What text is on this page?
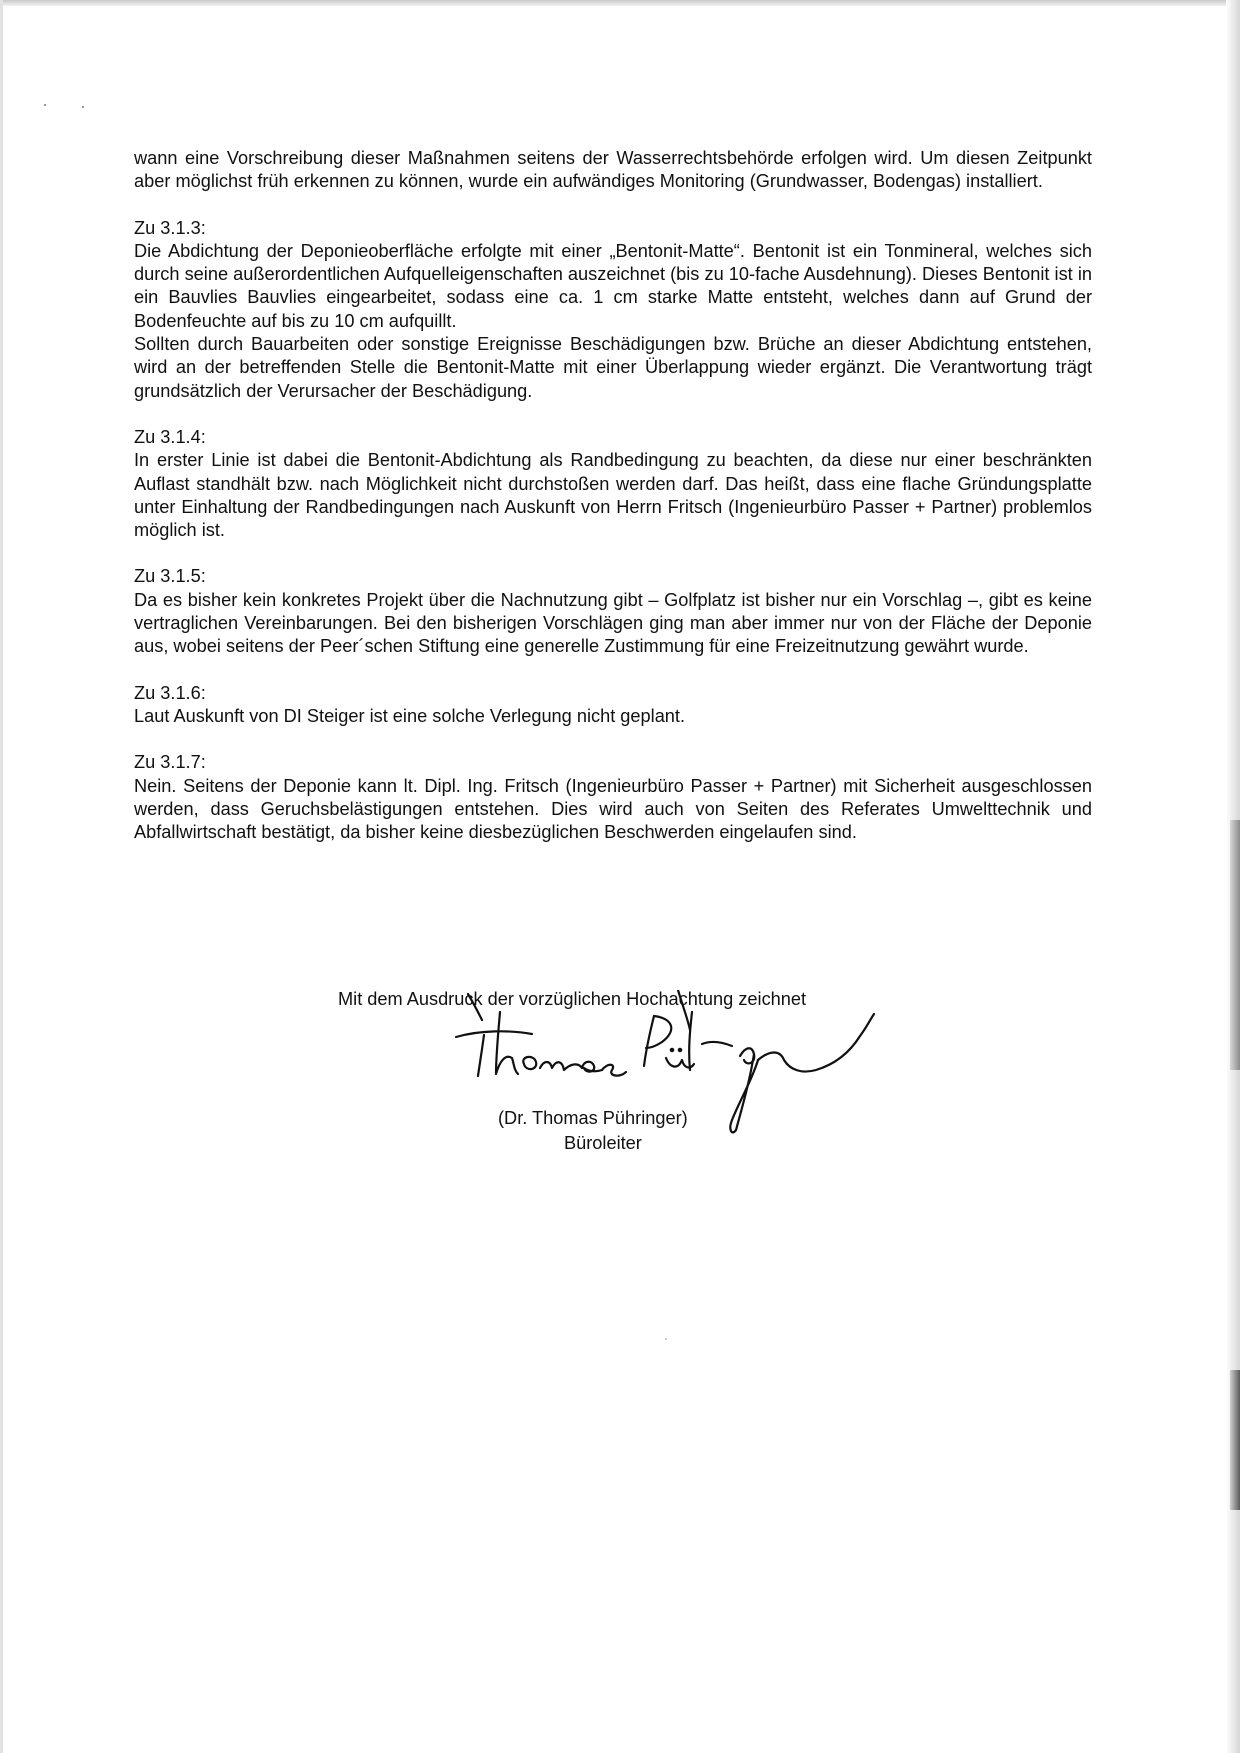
wann eine Vorschreibung dieser Maßnahmen seitens der Wasserrechtsbehörde erfolgen wird. Um diesen Zeitpunkt aber möglichst früh erkennen zu können, wurde ein aufwändiges Monitoring (Grundwasser, Bodengas) installiert.

Zu 3.1.3:

Die Abdichtung der Deponieoberfläche erfolgte mit einer „Bentonit-Matte“. Bentonit ist ein Tonmineral, welches sich durch seine außerordentlichen Aufquelleigenschaften auszeichnet (bis zu 10-fache Ausdehnung). Dieses Bentonit ist in ein Bauvlies Bauvlies eingearbeitet, sodass eine ca. 1 cm starke Matte entsteht, welches dann auf Grund der Bodenfeuchte auf bis zu 10 cm aufquillt.

Sollten durch Bauarbeiten oder sonstige Ereignisse Beschädigungen bzw. Brüche an dieser Abdichtung entstehen, wird an der betreffenden Stelle die Bentonit-Matte mit einer Überlappung wieder ergänzt. Die Verantwortung trägt grundsätzlich der Verursacher der Beschädigung.

Zu 3.1.4:

In erster Linie ist dabei die Bentonit-Abdichtung als Randbedingung zu beachten, da diese nur einer beschränkten Auflast standhält bzw. nach Möglichkeit nicht durchstoßen werden darf. Das heißt, dass eine flache Gründungsplatte unter Einhaltung der Randbedingungen nach Auskunft von Herrn Fritsch (Ingenieurbüro Passer + Partner) problemlos möglich ist.

Zu 3.1.5:

Da es bisher kein konkretes Projekt über die Nachnutzung gibt – Golfplatz ist bisher nur ein Vorschlag –, gibt es keine vertraglichen Vereinbarungen. Bei den bisherigen Vorschlägen ging man aber immer nur von der Fläche der Deponie aus, wobei seitens der Peer´schen Stiftung eine generelle Zustimmung für eine Freizeitnutzung gewährt wurde.

Zu 3.1.6:

Laut Auskunft von DI Steiger ist eine solche Verlegung nicht geplant.

Zu 3.1.7:

Nein. Seitens der Deponie kann lt. Dipl. Ing. Fritsch (Ingenieurbüro Passer + Partner) mit Sicherheit ausgeschlossen werden, dass Geruchsbelästigungen entstehen. Dies wird auch von Seiten des Referates Umwelttechnik und Abfallwirtschaft bestätigt, da bisher keine diesbezüglichen Beschwerden eingelaufen sind.

Mit dem Ausdruck der vorzüglichen Hochachtung zeichnet
(Dr. Thomas Pühringer)
Büroleiter
